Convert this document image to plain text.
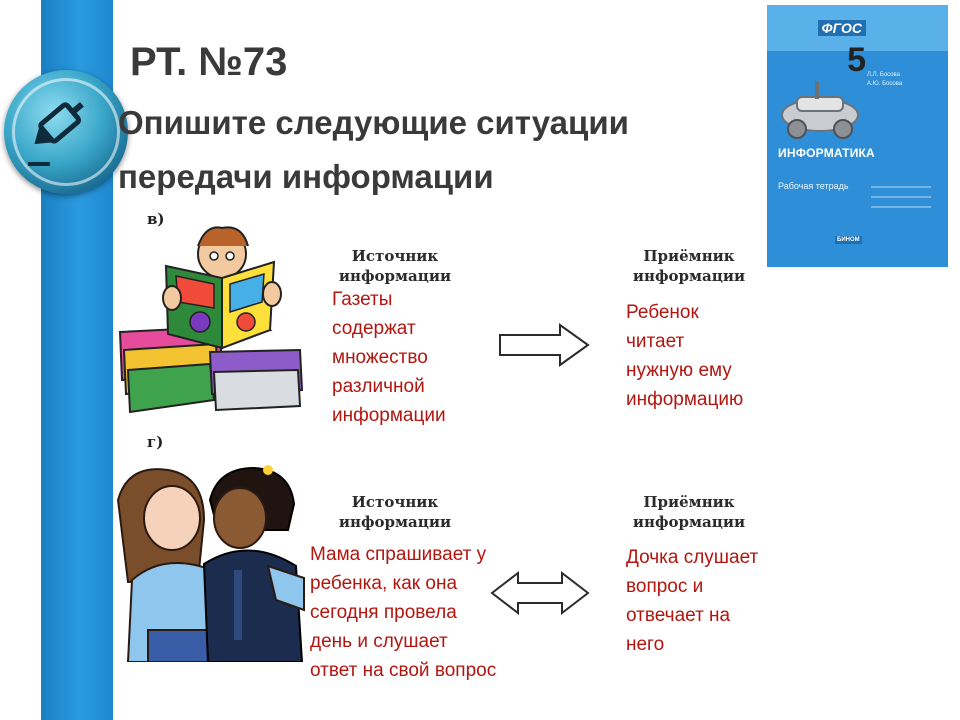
РТ. №73
Опишите следующие ситуации
передачи информации
ФГОС
5 Л.Л. Босова
А.Ю. Босова
ИНФОРМАТИКА
Рабочая тетрадь
БИНОМ
в)
Источник
информации
Газеты
содержат
множество
различной
информации
Приёмник
информации
Ребенок
читает
нужную ему
информацию
г)
Источник
информации
Мама спрашивает у
ребенка, как она
сегодня провела
день и слушает
ответ на свой вопрос
Приёмник
информации
Дочка слушает
вопрос и
отвечает на
него
